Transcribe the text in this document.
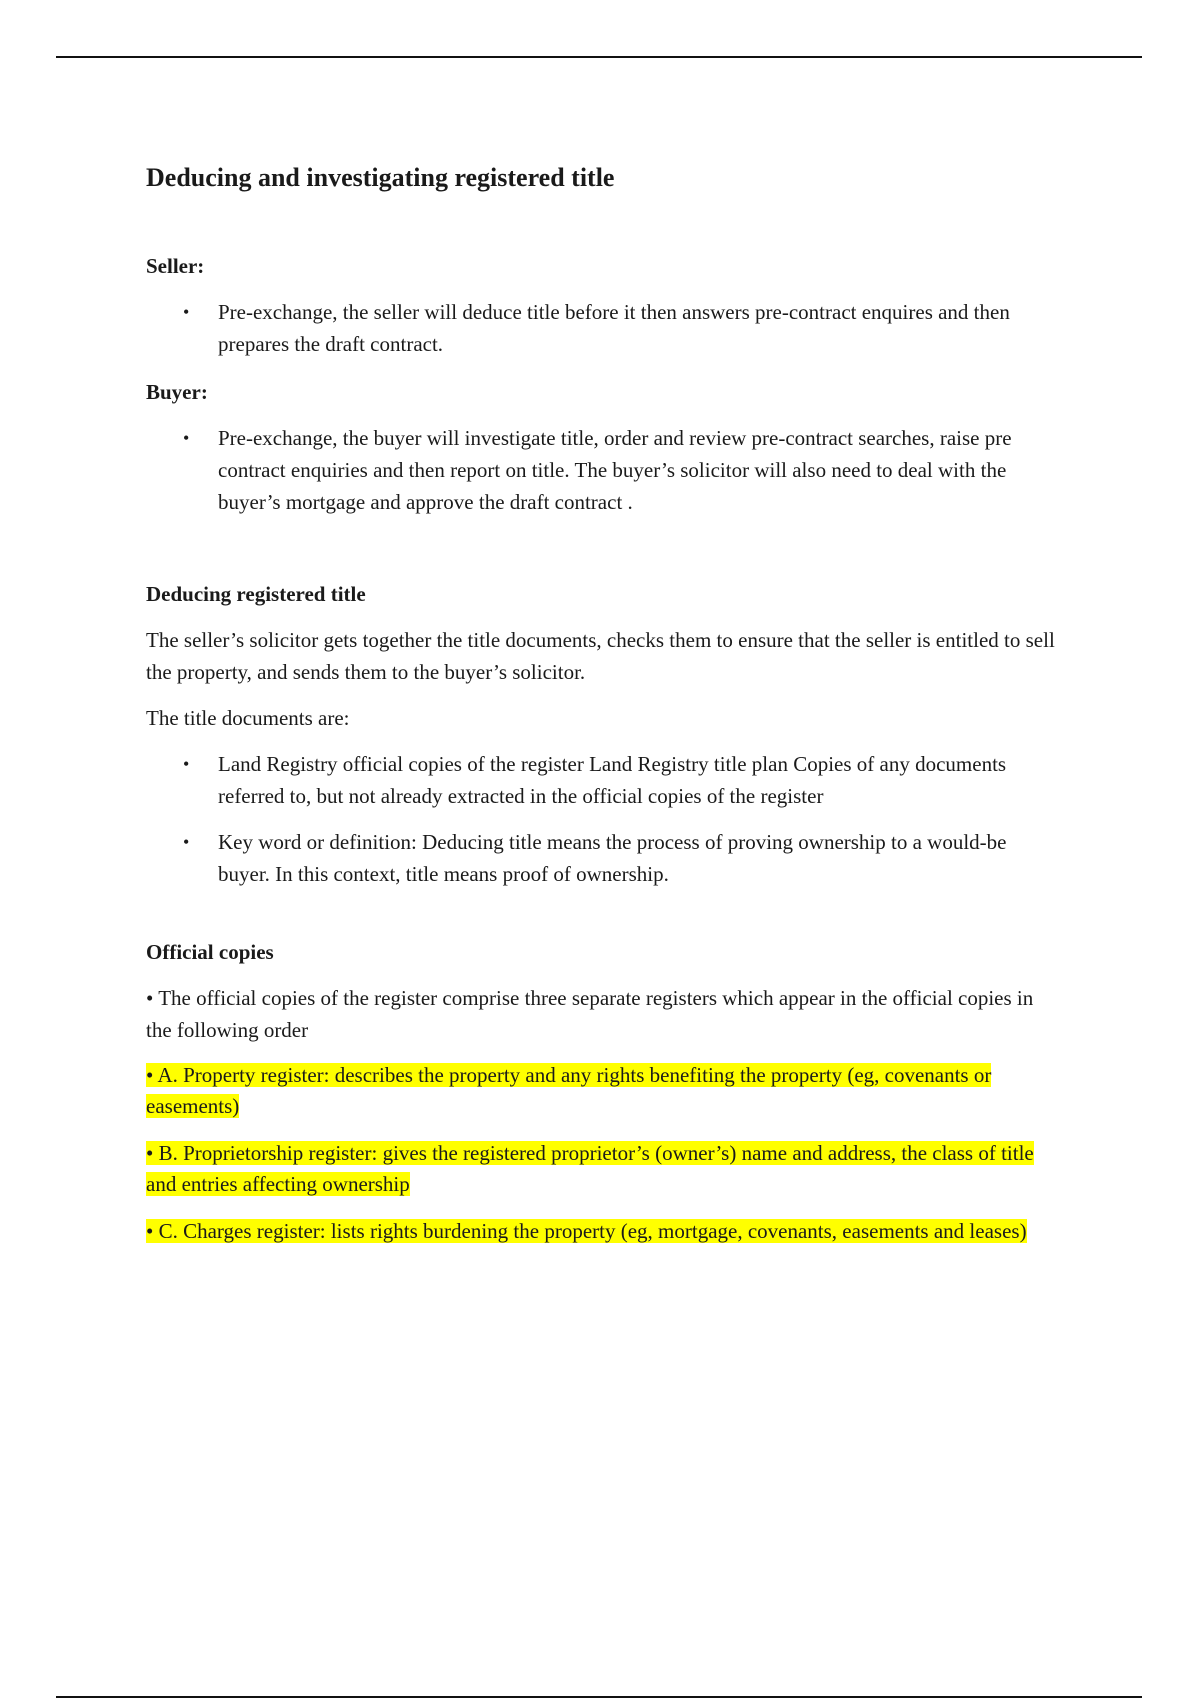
Deducing and investigating registered title
Seller:
• Pre-exchange, the seller will deduce title before it then answers pre-contract enquires and then prepares the draft contract.
Buyer:
• Pre-exchange, the buyer will investigate title, order and review pre-contract searches, raise pre contract enquiries and then report on title. The buyer’s solicitor will also need to deal with the buyer’s mortgage and approve the draft contract .
Deducing registered title

The seller’s solicitor gets together the title documents, checks them to ensure that the seller is entitled to sell the property, and sends them to the buyer’s solicitor.

The title documents are:

• Land Registry official copies of the register Land Registry title plan Copies of any documents referred to, but not already extracted in the official copies of the register
• Key word or definition: Deducing title means the process of proving ownership to a would-be buyer. In this context, title means proof of ownership.
Official copies

• The official copies of the register comprise three separate registers which appear in the official copies in the following order

• A. Property register: describes the property and any rights benefiting the property (eg, covenants or easements)

• B. Proprietorship register: gives the registered proprietor’s (owner’s) name and address, the class of title and entries affecting ownership

• C. Charges register: lists rights burdening the property (eg, mortgage, covenants, easements and leases)
